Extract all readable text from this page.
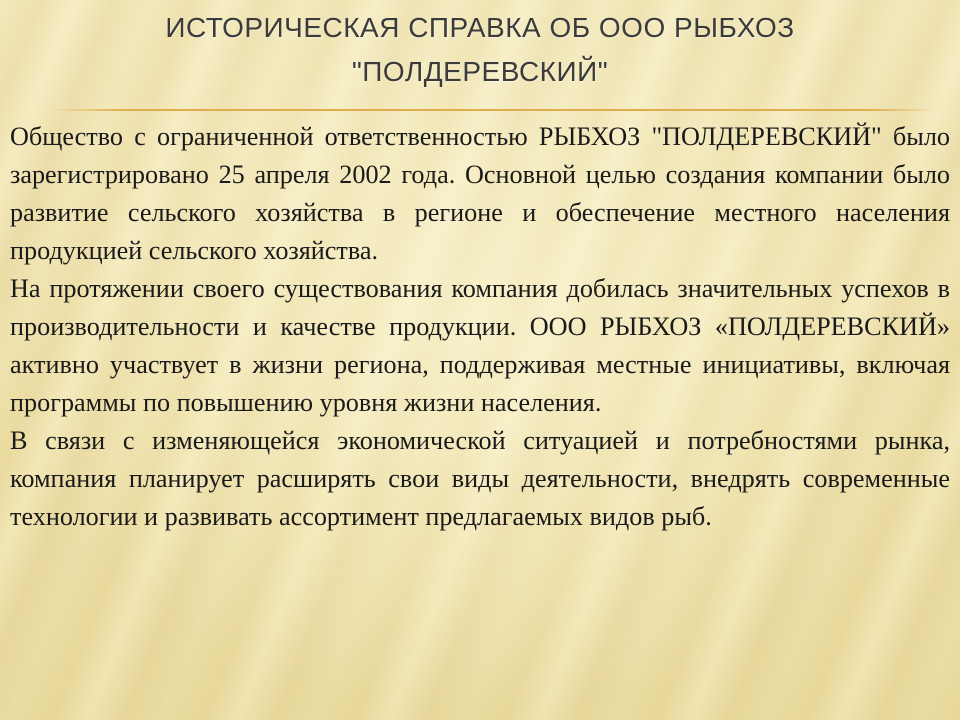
ИСТОРИЧЕСКАЯ СПРАВКА ОБ ООО РЫБХОЗ
"ПОЛДЕРЕВСКИЙ"

Общество с ограниченной ответственностью РЫБХОЗ "ПОЛДЕРЕВСКИЙ" было зарегистрировано 25 апреля 2002 года. Основной целью создания компании было развитие сельского хозяйства в регионе и обеспечение местного населения продукцией сельского хозяйства.

На протяжении своего существования компания добилась значительных успехов в производительности и качестве продукции. ООО РЫБХОЗ «ПОЛДЕРЕВСКИЙ» активно участвует в жизни региона, поддерживая местные инициативы, включая программы по повышению уровня жизни населения.

В связи с изменяющейся экономической ситуацией и потребностями рынка, компания планирует расширять свои виды деятельности, внедрять современные технологии и развивать ассортимент предлагаемых видов рыб.
